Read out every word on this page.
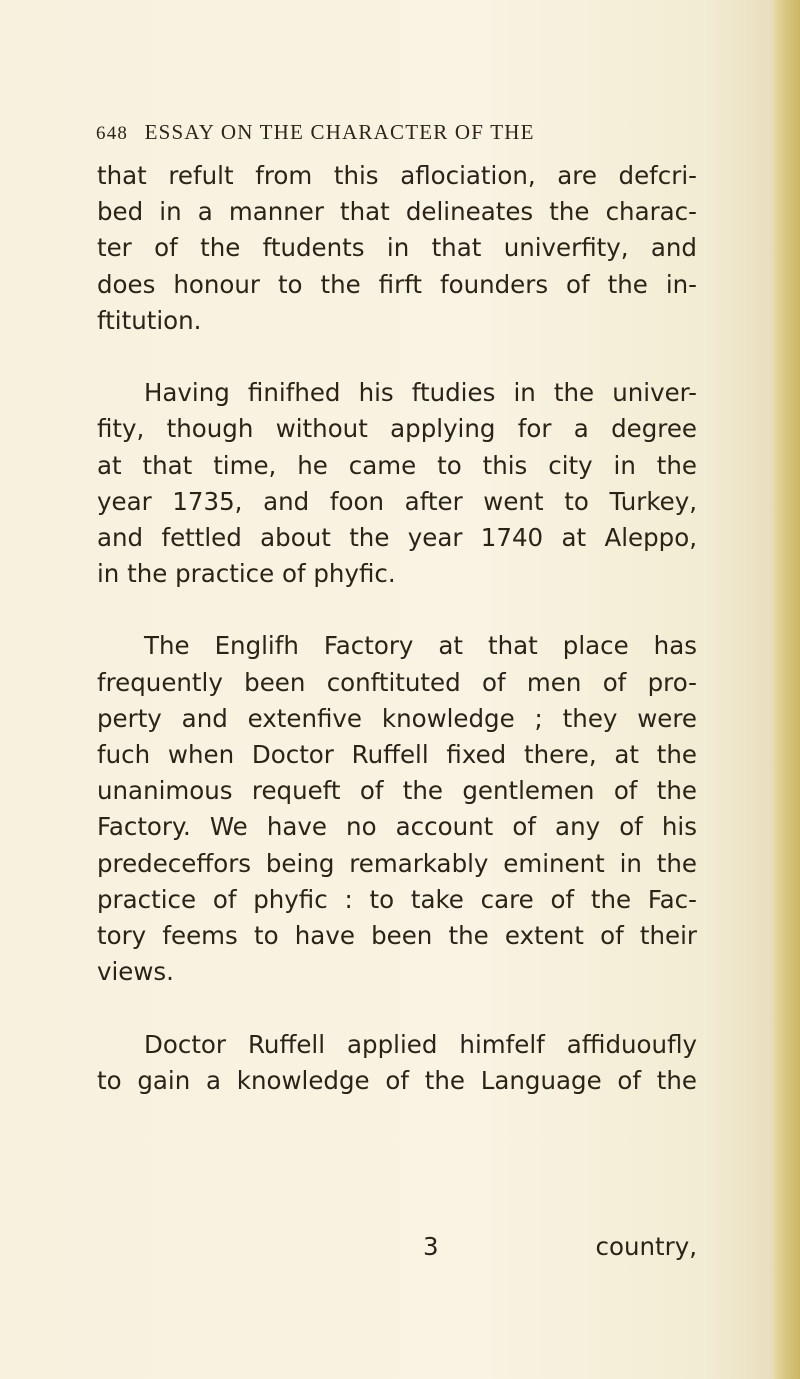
648 ESSAY ON THE CHARACTER OF THE
that refult from this aflociation, are defcri-
bed in a manner that delineates the charac-
ter of the ftudents in that univerfity, and
does honour to the firft founders of the in-
ftitution.
Having finifhed his ftudies in the univer-
fity, though without applying for a degree
at that time, he came to this city in the
year 1735, and foon after went to Turkey,
and fettled about the year 1740 at Aleppo,
in the practice of phyfic.
The Englifh Factory at that place has
frequently been conftituted of men of pro-
perty and extenfive knowledge ; they were
fuch when Doctor Ruffell fixed there, at the
unanimous requeft of the gentlemen of the
Factory. We have no account of any of his
predeceffors being remarkably eminent in the
practice of phyfic : to take care of the Fac-
tory feems to have been the extent of their
views.
Doctor Ruffell applied himfelf affiduoufly
to gain a knowledge of the Language of the
3	country,
